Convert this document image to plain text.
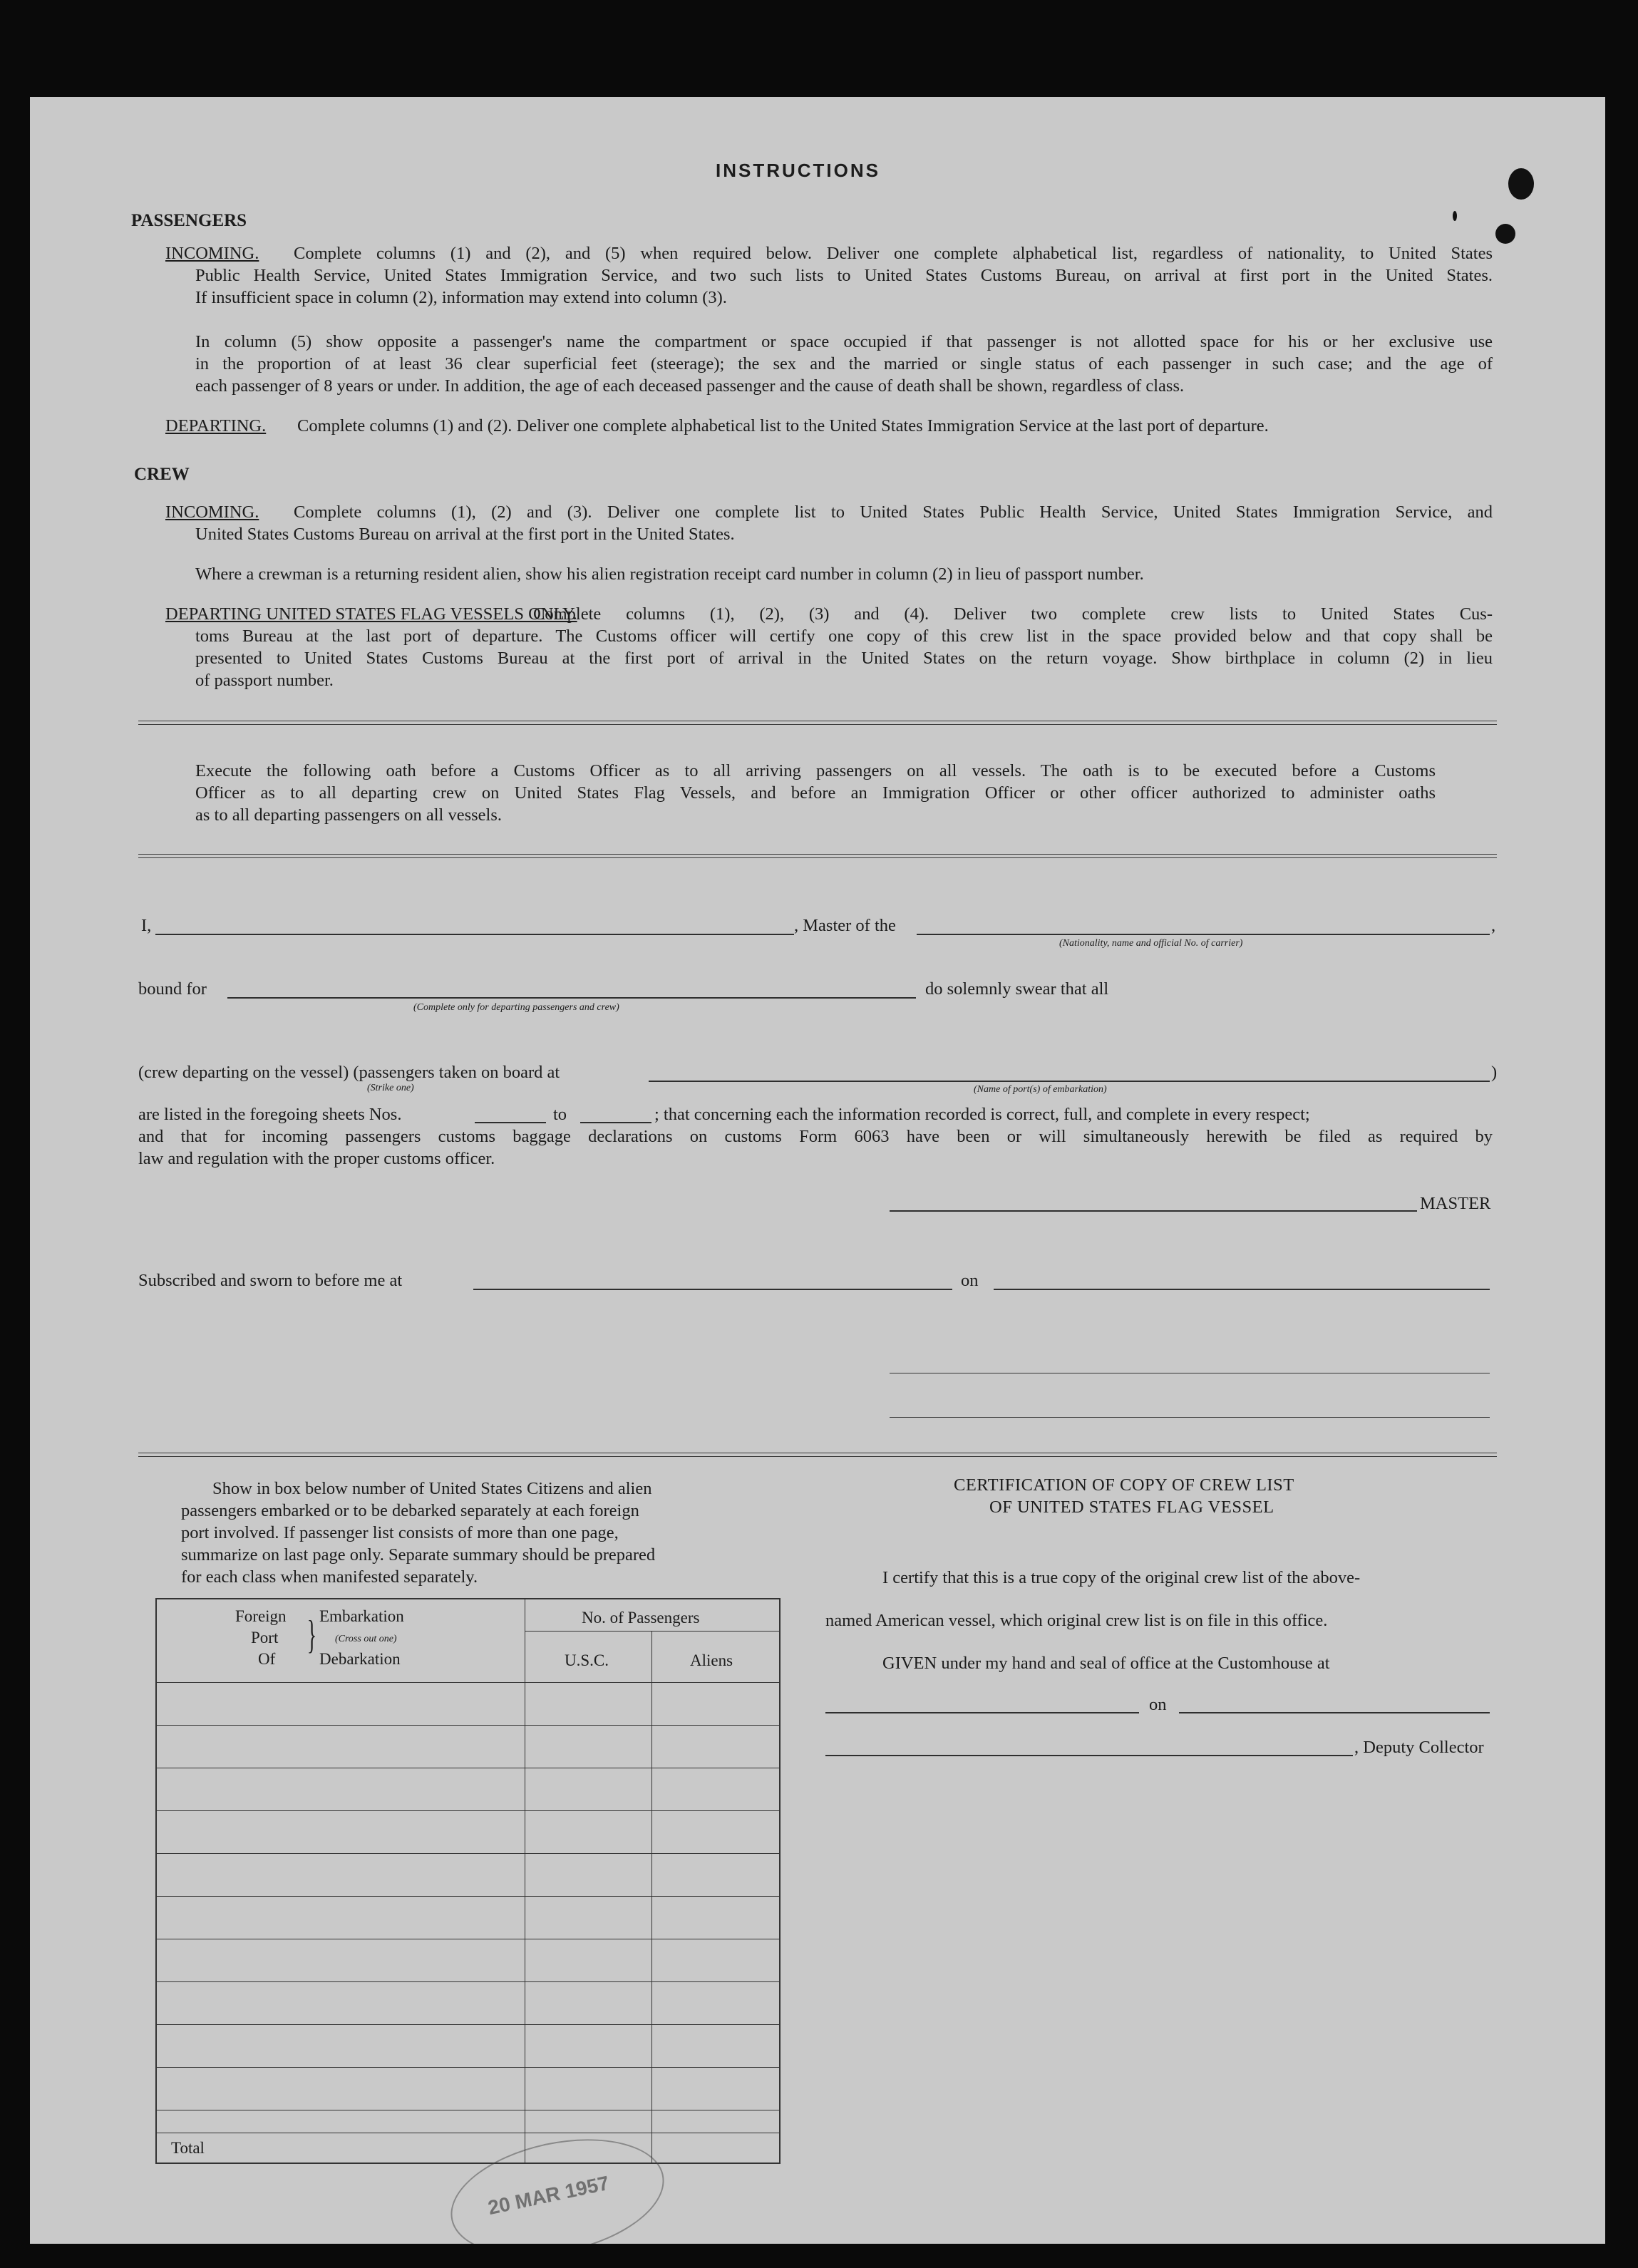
INSTRUCTIONS
PASSENGERS
INCOMING. Complete columns (1) and (2), and (5) when required below. Deliver one complete alphabetical list, regardless of nationality, to United States
Public Health Service, United States Immigration Service, and two such lists to United States Customs Bureau, on arrival at first port in the United States.
If insufficient space in column (2), information may extend into column (3).
In column (5) show opposite a passenger's name the compartment or space occupied if that passenger is not allotted space for his or her exclusive use
in the proportion of at least 36 clear superficial feet (steerage); the sex and the married or single status of each passenger in such case; and the age of
each passenger of 8 years or under. In addition, the age of each deceased passenger and the cause of death shall be shown, regardless of class.
DEPARTING. Complete columns (1) and (2). Deliver one complete alphabetical list to the United States Immigration Service at the last port of departure.
CREW
INCOMING. Complete columns (1), (2) and (3). Deliver one complete list to United States Public Health Service, United States Immigration Service, and
United States Customs Bureau on arrival at the first port in the United States.
Where a crewman is a returning resident alien, show his alien registration receipt card number in column (2) in lieu of passport number.
DEPARTING UNITED STATES FLAG VESSELS ONLY.
Complete columns (1), (2), (3) and (4). Deliver two complete crew lists to United States Cus-
toms Bureau at the last port of departure. The Customs officer will certify one copy of this crew list in the space provided below and that copy shall be
presented to United States Customs Bureau at the first port of arrival in the United States on the return voyage. Show birthplace in column (2) in lieu
of passport number.
Execute the following oath before a Customs Officer as to all arriving passengers on all vessels. The oath is to be executed before a Customs
Officer as to all departing crew on United States Flag Vessels, and before an Immigration Officer or other officer authorized to administer oaths
as to all departing passengers on all vessels.
I,	, Master of the	,
(Nationality, name and official No. of carrier)
bound for	do solemnly swear that all
(Complete only for departing passengers and crew)
(crew departing on the vessel) (passengers taken on board at	)
(Strike one)	(Name of port(s) of embarkation)
are listed in the foregoing sheets Nos.	to	; that concerning each the information recorded is correct, full, and complete in every respect;
and that for incoming passengers customs baggage declarations on customs Form 6063 have been or will simultaneously herewith be filed as required by
law and regulation with the proper customs officer.
MASTER
Subscribed and sworn to before me at	on
Show in box below number of United States Citizens and alien
passengers embarked or to be debarked separately at each foreign
port involved. If passenger list consists of more than one page,
summarize on last page only. Separate summary should be prepared
for each class when manifested separately.
Foreign
Port
Of
} Embarkation
(Cross out one)
Debarkation
No. of Passengers
U.S.C.	Aliens
Total
CERTIFICATION OF COPY OF CREW LIST
OF UNITED STATES FLAG VESSEL
I certify that this is a true copy of the original crew list of the above-
named American vessel, which original crew list is on file in this office.
GIVEN under my hand and seal of office at the Customhouse at
on
, Deputy Collector
20 MAR 1957
